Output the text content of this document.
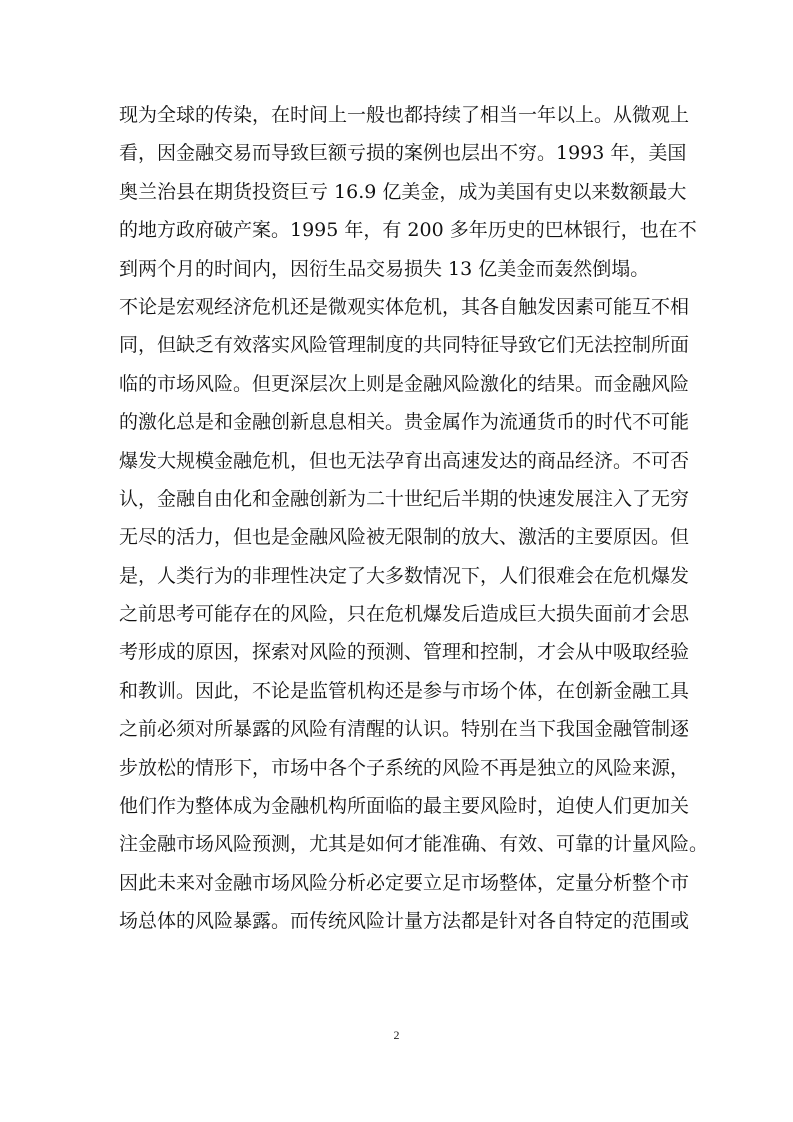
现为全球的传染，在时间上一般也都持续了相当一年以上。从微观上
看，因金融交易而导致巨额亏损的案例也层出不穷。1993 年，美国
奥兰治县在期货投资巨亏 16.9 亿美金，成为美国有史以来数额最大
的地方政府破产案。1995 年，有 200 多年历史的巴林银行，也在不
到两个月的时间内，因衍生品交易损失 13 亿美金而轰然倒塌。
不论是宏观经济危机还是微观实体危机，其各自触发因素可能互不相
同，但缺乏有效落实风险管理制度的共同特征导致它们无法控制所面
临的市场风险。但更深层次上则是金融风险激化的结果。而金融风险
的激化总是和金融创新息息相关。贵金属作为流通货币的时代不可能
爆发大规模金融危机，但也无法孕育出高速发达的商品经济。不可否
认，金融自由化和金融创新为二十世纪后半期的快速发展注入了无穷
无尽的活力，但也是金融风险被无限制的放大、激活的主要原因。但
是，人类行为的非理性决定了大多数情况下，人们很难会在危机爆发
之前思考可能存在的风险，只在危机爆发后造成巨大损失面前才会思
考形成的原因，探索对风险的预测、管理和控制，才会从中吸取经验
和教训。因此，不论是监管机构还是参与市场个体，在创新金融工具
之前必须对所暴露的风险有清醒的认识。特别在当下我国金融管制逐
步放松的情形下，市场中各个子系统的风险不再是独立的风险来源，
他们作为整体成为金融机构所面临的最主要风险时，迫使人们更加关
注金融市场风险预测，尤其是如何才能准确、有效、可靠的计量风险。
因此未来对金融市场风险分析必定要立足市场整体，定量分析整个市
场总体的风险暴露。而传统风险计量方法都是针对各自特定的范围或
2
